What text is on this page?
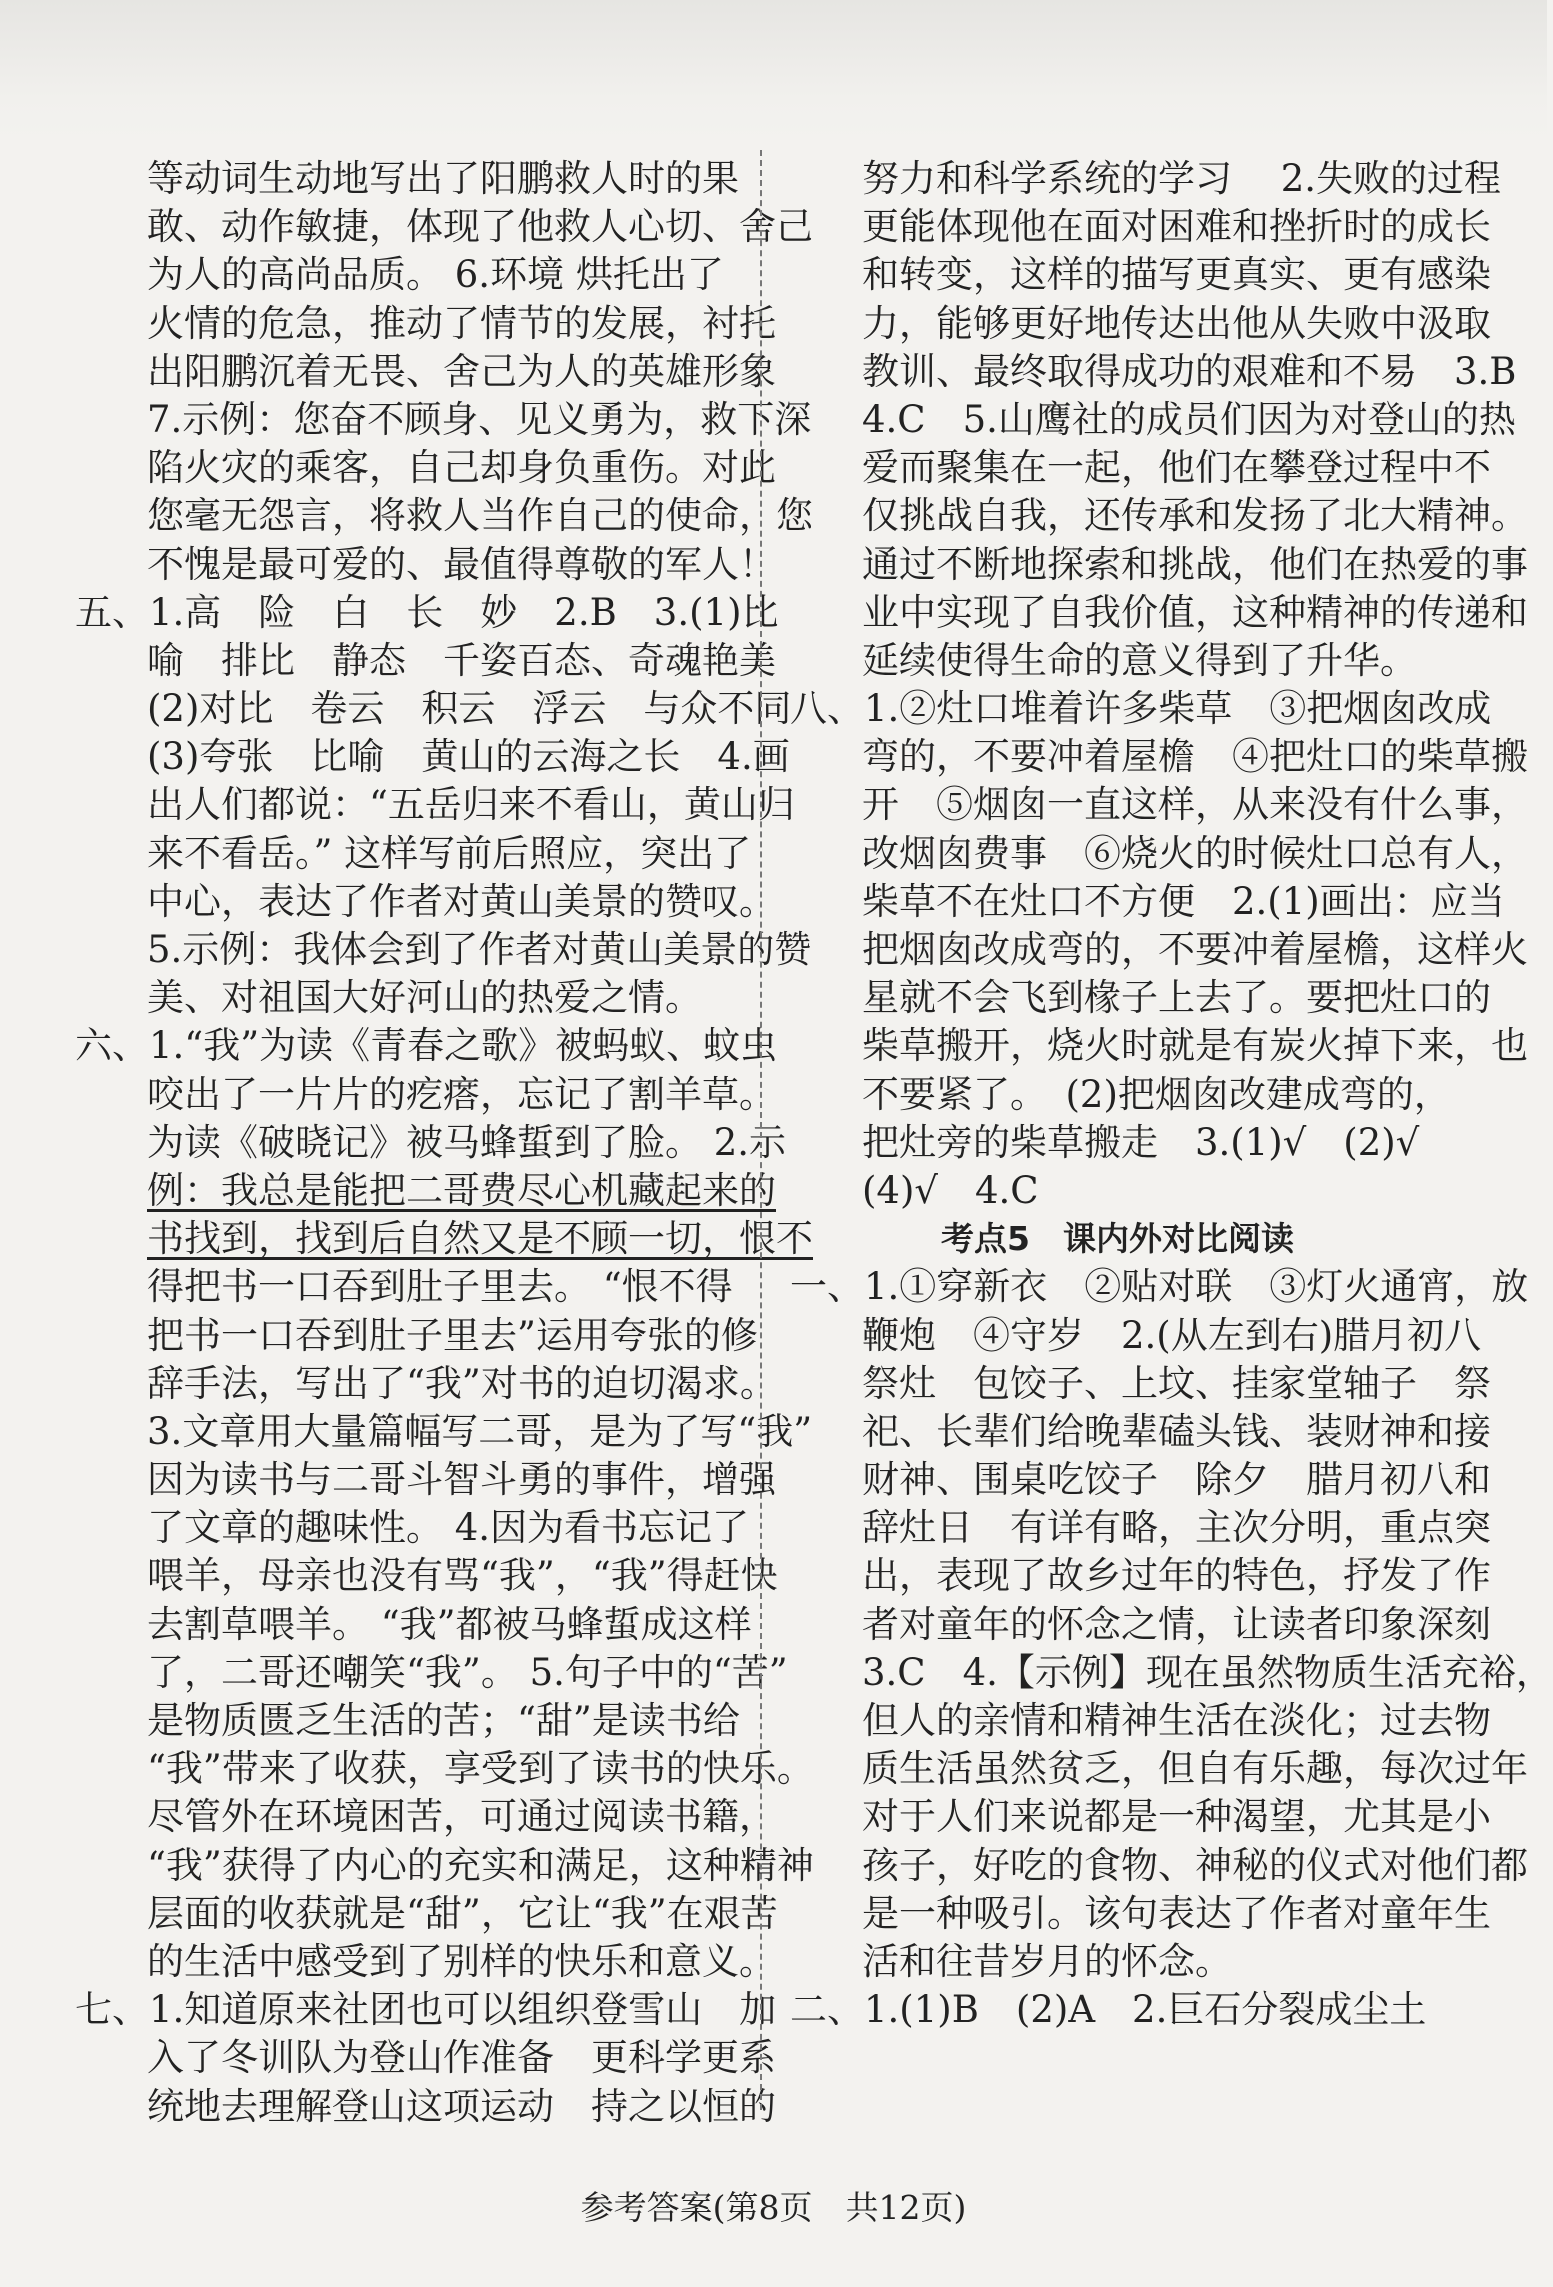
等动词生动地写出了阳鹏救人时的果
敢、动作敏捷，体现了他救人心切、舍己
为人的高尚品质。 6.环境 烘托出了
火情的危急，推动了情节的发展，衬托
出阳鹏沉着无畏、舍己为人的英雄形象
7.示例：您奋不顾身、见义勇为，救下深
陷火灾的乘客，自己却身负重伤。对此
您毫无怨言，将救人当作自己的使命，您
不愧是最可爱的、最值得尊敬的军人！
五、1.高　险　白　长　妙　2.B　3.(1)比
喻　排比　静态　千姿百态、奇魂艳美
(2)对比　卷云　积云　浮云　与众不同
(3)夸张　比喻　黄山的云海之长　4.画
出人们都说：“五岳归来不看山，黄山归
来不看岳。” 这样写前后照应，突出了
中心，表达了作者对黄山美景的赞叹。
5.示例：我体会到了作者对黄山美景的赞
美、对祖国大好河山的热爱之情。
六、1.“我”为读《青春之歌》被蚂蚁、蚊虫
咬出了一片片的疙瘩，忘记了割羊草。
为读《破晓记》被马蜂蜇到了脸。 2.示
例：我总是能把二哥费尽心机藏起来的
书找到，找到后自然又是不顾一切，恨不
得把书一口吞到肚子里去。 “恨不得
把书一口吞到肚子里去”运用夸张的修
辞手法，写出了“我”对书的迫切渴求。
3.文章用大量篇幅写二哥，是为了写“我”
因为读书与二哥斗智斗勇的事件，增强
了文章的趣味性。 4.因为看书忘记了
喂羊，母亲也没有骂“我”，“我”得赶快
去割草喂羊。 “我”都被马蜂蜇成这样
了，二哥还嘲笑“我”。 5.句子中的“苦”
是物质匮乏生活的苦；“甜”是读书给
“我”带来了收获，享受到了读书的快乐。
尽管外在环境困苦，可通过阅读书籍，
“我”获得了内心的充实和满足，这种精神
层面的收获就是“甜”，它让“我”在艰苦
的生活中感受到了别样的快乐和意义。
七、1.知道原来社团也可以组织登雪山　加
入了冬训队为登山作准备　更科学更系
统地去理解登山这项运动　持之以恒的
努力和科学系统的学习　 2.失败的过程
更能体现他在面对困难和挫折时的成长
和转变，这样的描写更真实、更有感染
力，能够更好地传达出他从失败中汲取
教训、最终取得成功的艰难和不易　3.B
4.C　5.山鹰社的成员们因为对登山的热
爱而聚集在一起，他们在攀登过程中不
仅挑战自我，还传承和发扬了北大精神。
通过不断地探索和挑战，他们在热爱的事
业中实现了自我价值，这种精神的传递和
延续使得生命的意义得到了升华。
八、1.②灶口堆着许多柴草　③把烟囱改成
弯的，不要冲着屋檐　④把灶口的柴草搬
开　⑤烟囱一直这样，从来没有什么事，
改烟囱费事　⑥烧火的时候灶口总有人，
柴草不在灶口不方便　2.(1)画出：应当
把烟囱改成弯的，不要冲着屋檐，这样火
星就不会飞到椽子上去了。要把灶口的
柴草搬开，烧火时就是有炭火掉下来，也
不要紧了。　(2)把烟囱改建成弯的，
把灶旁的柴草搬走　3.(1)√　(2)√
(4)√　4.C
考点5　课内外对比阅读
一、1.①穿新衣　②贴对联　③灯火通宵，放
鞭炮　④守岁　2.(从左到右)腊月初八
祭灶　包饺子、上坟、挂家堂轴子　祭
祀、长辈们给晚辈磕头钱、装财神和接
财神、围桌吃饺子　除夕　腊月初八和
辞灶日　有详有略，主次分明，重点突
出，表现了故乡过年的特色，抒发了作
者对童年的怀念之情，让读者印象深刻
3.C　4.【示例】现在虽然物质生活充裕，
但人的亲情和精神生活在淡化；过去物
质生活虽然贫乏，但自有乐趣，每次过年
对于人们来说都是一种渴望，尤其是小
孩子，好吃的食物、神秘的仪式对他们都
是一种吸引。该句表达了作者对童年生
活和往昔岁月的怀念。
二、1.(1)B　(2)A　2.巨石分裂成尘土
参考答案(第8页　共12页)
